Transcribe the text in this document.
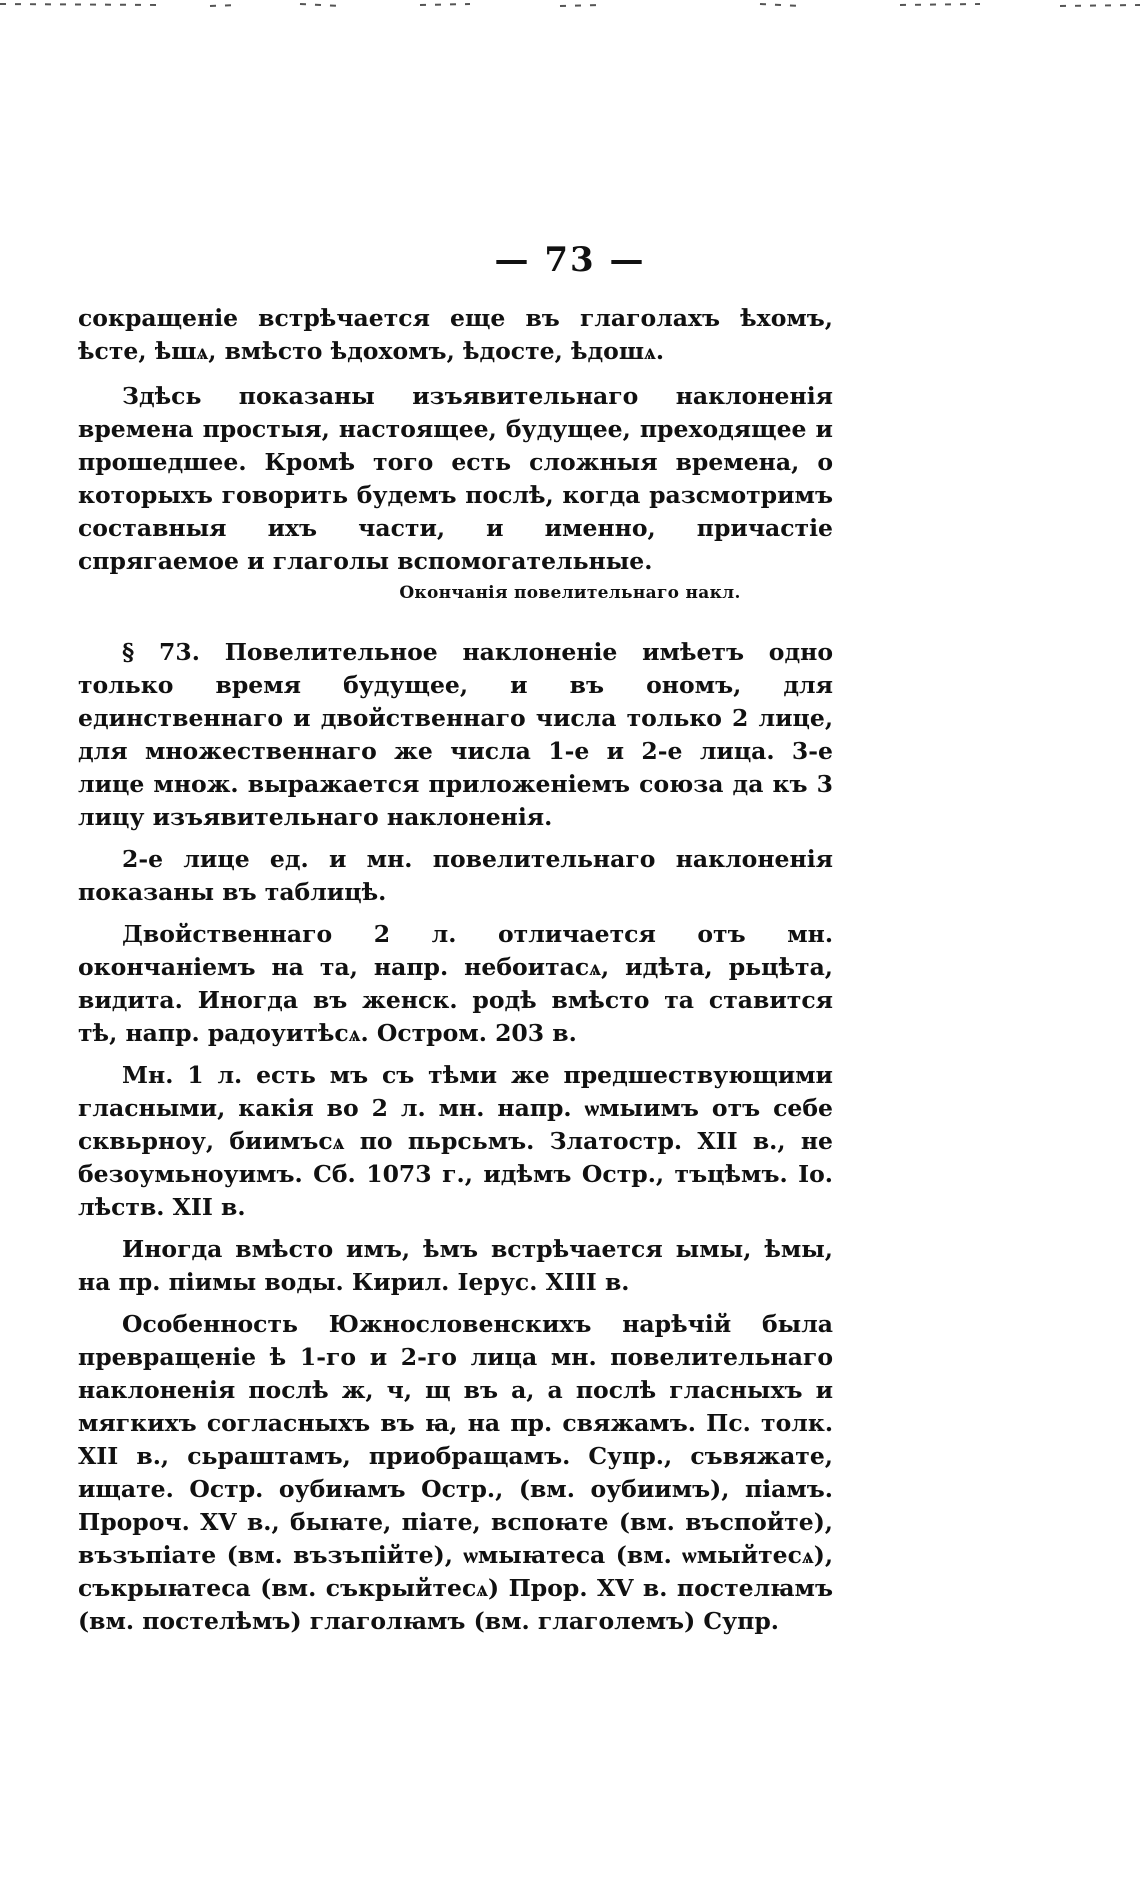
— 73 —

сокращеніе встрѣчается еще въ глаголахъ ѣхомъ, ѣсте, ѣшѧ, вмѣсто ѣдохомъ, ѣдосте, ѣдошѧ.

Здѣсь показаны изъявительнаго наклоненія времена простыя, настоящее, будущее, преходящее и прошедшее. Кромѣ того есть сложныя времена, о которыхъ говорить будемъ послѣ, когда разсмотримъ составныя ихъ части, и именно, причастіе спрягаемое и глаголы вспомогательные.

Окончанія повелительнаго накл.

§ 73. Повелительное наклоненіе имѣетъ одно только время будущее, и въ ономъ, для единственнаго и двойственнаго числа только 2 лице, для множественнаго же числа 1-е и 2-е лица. 3-е лице множ. выражается приложеніемъ союза да къ 3 лицу изъявительнаго наклоненія.

2-е лице ед. и мн. повелительнаго наклоненія показаны въ таблицѣ.

Двойственнаго 2 л. отличается отъ мн. окончаніемъ на та, напр. небоитасѧ, идѣта, рьцѣта, видита. Иногда въ женск. родѣ вмѣсто та ставится тѣ, напр. радоуитѣсѧ. Остром. 203 в.

Мн. 1 л. есть мъ съ тѣми же предшествующими гласными, какія во 2 л. мн. напр. ѡмыимъ отъ себе сквьрноу, биимъсѧ по пьрсьмъ. Златостр. XII в., не безоумьноуимъ. Сб. 1073 г., идѣмъ Остр., тъцѣмъ. Іо. лѣств. XII в.

Иногда вмѣсто имъ, ѣмъ встрѣчается ымы, ѣмы, на пр. піимы воды. Кирил. Іерус. XIII в.

Особенность Южнословенскихъ нарѣчій была превращеніе ѣ 1-го и 2-го лица мн. повелительнаго наклоненія послѣ ж, ч, щ въ а, а послѣ гласныхъ и мягкихъ согласныхъ въ ꙗ, на пр. свяжамъ. Пс. толк. XII в., сьраштамъ, приобращамъ. Супр., съвяжате, ищате. Остр. оубиꙗмъ Остр., (вм. оубиимъ), піамъ. Пророч. XV в., быꙗте, піате, вспоꙗте (вм. въспойте), възъпіате (вм. възъпійте), ѡмыꙗтеса (вм. ѡмыйтесѧ), съкрыꙗтеса (вм. съкрыйтесѧ) Прор. XV в. постелꙗмъ (вм. постелѣмъ) глаголꙗмъ (вм. глаголемъ) Супр.
